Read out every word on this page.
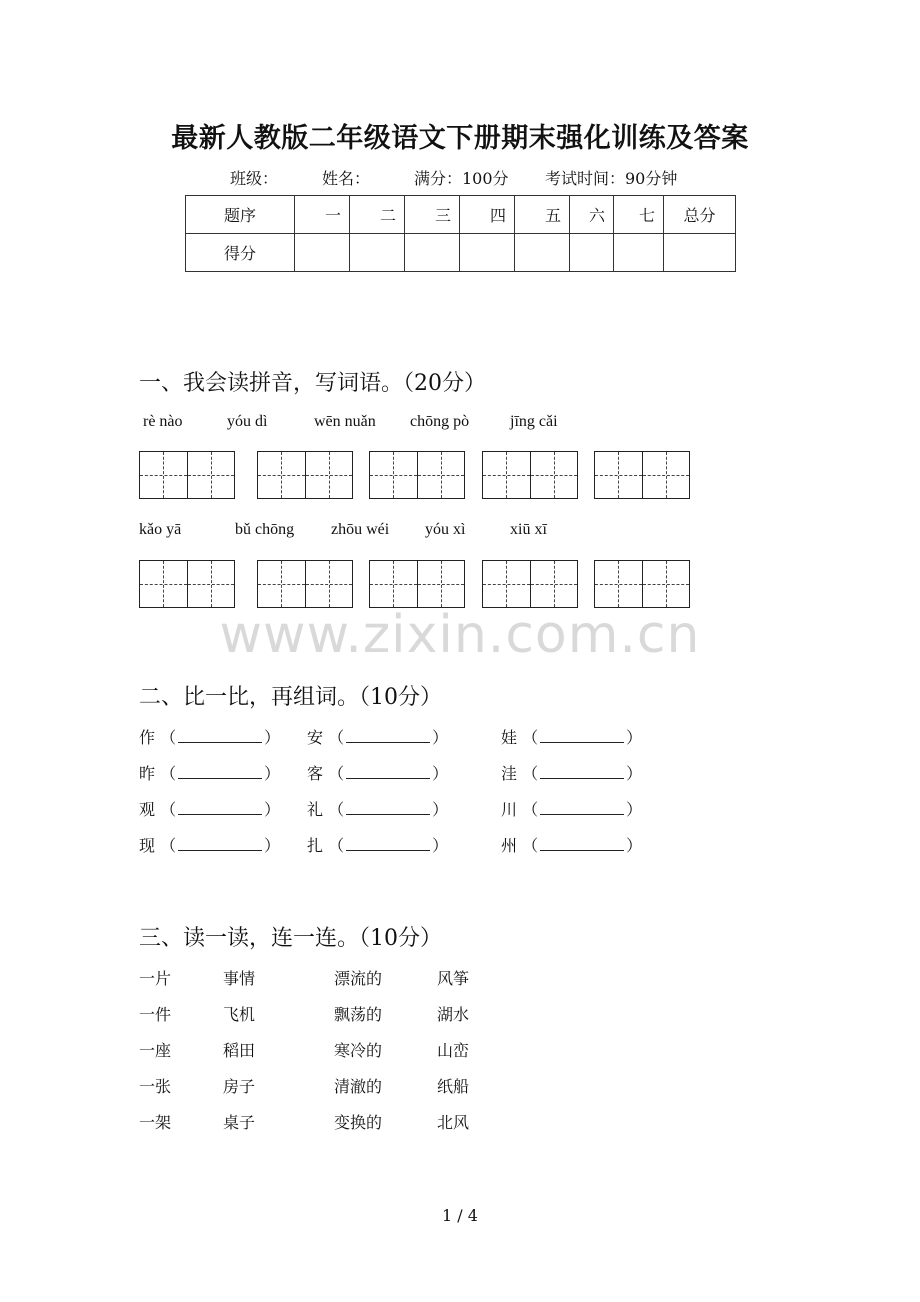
最新人教版二年级语文下册期末强化训练及答案
班级：	姓名：	满分：100分 考试时间：90分钟
题序	一	二	三	四	五	六	七	总分
得分								
一、我会读拼音，写词语。（20分）
rè nào	yóu dì	wēn nuǎn chōng pò	jīng cǎi
kǎo yā	bǔ chōng zhōu wéi yóu xì	xiū xī
www.zixin.com.cn
二、比一比，再组词。（10分）
作 （	） 安 （	）	娃 （	）
昨 （	） 客 （	）	洼 （	）
观 （	） 礼 （	）	川 （	）
现 （	） 扎 （	）	州 （	）
三、读一读，连一连。（10分）
一片	事情	漂流的	风筝
一件	飞机	飘荡的	湖水
一座	稻田	寒冷的	山峦
一张	房子	清澈的	纸船
一架	桌子	变换的	北风
1 / 4
